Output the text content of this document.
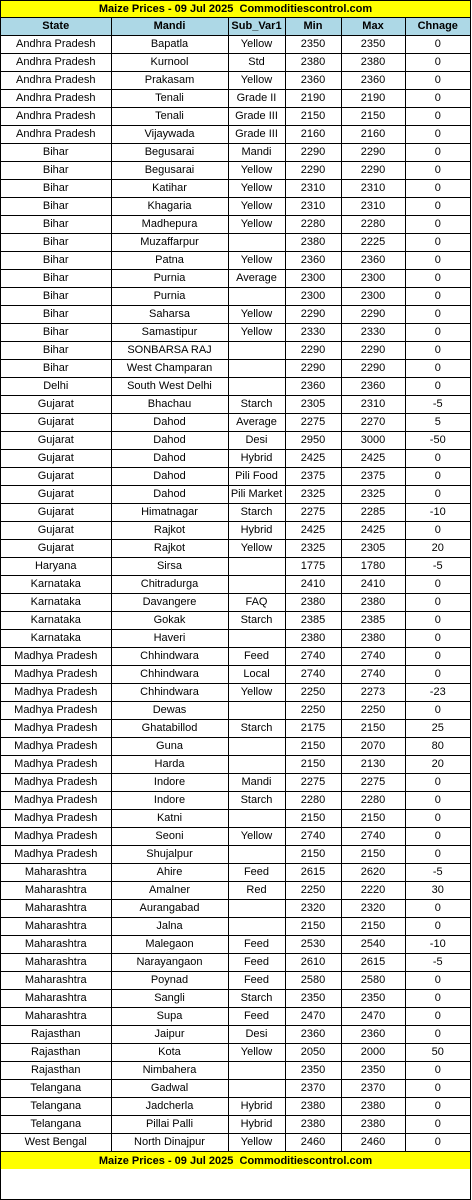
Maize Prices - 09 Jul 2025  Commoditiescontrol.com
State	Mandi	Sub_Var1	Min	Max	Chnage
Andhra Pradesh	Bapatla	Yellow	2350	2350	0
Andhra Pradesh	Kurnool	Std	2380	2380	0
Andhra Pradesh	Prakasam	Yellow	2360	2360	0
Andhra Pradesh	Tenali	Grade II	2190	2190	0
Andhra Pradesh	Tenali	Grade III	2150	2150	0
Andhra Pradesh	Vijaywada	Grade III	2160	2160	0
Bihar	Begusarai	Mandi	2290	2290	0
Bihar	Begusarai	Yellow	2290	2290	0
Bihar	Katihar	Yellow	2310	2310	0
Bihar	Khagaria	Yellow	2310	2310	0
Bihar	Madhepura	Yellow	2280	2280	0
Bihar	Muzaffarpur		2380	2225	0
Bihar	Patna	Yellow	2360	2360	0
Bihar	Purnia	Average	2300	2300	0
Bihar	Purnia		2300	2300	0
Bihar	Saharsa	Yellow	2290	2290	0
Bihar	Samastipur	Yellow	2330	2330	0
Bihar	SONBARSA RAJ		2290	2290	0
Bihar	West Champaran		2290	2290	0
Delhi	South West Delhi		2360	2360	0
Gujarat	Bhachau	Starch	2305	2310	-5
Gujarat	Dahod	Average	2275	2270	5
Gujarat	Dahod	Desi	2950	3000	-50
Gujarat	Dahod	Hybrid	2425	2425	0
Gujarat	Dahod	Pili Food	2375	2375	0
Gujarat	Dahod	Pili Market	2325	2325	0
Gujarat	Himatnagar	Starch	2275	2285	-10
Gujarat	Rajkot	Hybrid	2425	2425	0
Gujarat	Rajkot	Yellow	2325	2305	20
Haryana	Sirsa		1775	1780	-5
Karnataka	Chitradurga		2410	2410	0
Karnataka	Davangere	FAQ	2380	2380	0
Karnataka	Gokak	Starch	2385	2385	0
Karnataka	Haveri		2380	2380	0
Madhya Pradesh	Chhindwara	Feed	2740	2740	0
Madhya Pradesh	Chhindwara	Local	2740	2740	0
Madhya Pradesh	Chhindwara	Yellow	2250	2273	-23
Madhya Pradesh	Dewas		2250	2250	0
Madhya Pradesh	Ghatabillod	Starch	2175	2150	25
Madhya Pradesh	Guna		2150	2070	80
Madhya Pradesh	Harda		2150	2130	20
Madhya Pradesh	Indore	Mandi	2275	2275	0
Madhya Pradesh	Indore	Starch	2280	2280	0
Madhya Pradesh	Katni		2150	2150	0
Madhya Pradesh	Seoni	Yellow	2740	2740	0
Madhya Pradesh	Shujalpur		2150	2150	0
Maharashtra	Ahire	Feed	2615	2620	-5
Maharashtra	Amalner	Red	2250	2220	30
Maharashtra	Aurangabad		2320	2320	0
Maharashtra	Jalna		2150	2150	0
Maharashtra	Malegaon	Feed	2530	2540	-10
Maharashtra	Narayangaon	Feed	2610	2615	-5
Maharashtra	Poynad	Feed	2580	2580	0
Maharashtra	Sangli	Starch	2350	2350	0
Maharashtra	Supa	Feed	2470	2470	0
Rajasthan	Jaipur	Desi	2360	2360	0
Rajasthan	Kota	Yellow	2050	2000	50
Rajasthan	Nimbahera		2350	2350	0
Telangana	Gadwal		2370	2370	0
Telangana	Jadcherla	Hybrid	2380	2380	0
Telangana	Pillai Palli	Hybrid	2380	2380	0
West Bengal	North Dinajpur	Yellow	2460	2460	0
Maize Prices - 09 Jul 2025  Commoditiescontrol.com
